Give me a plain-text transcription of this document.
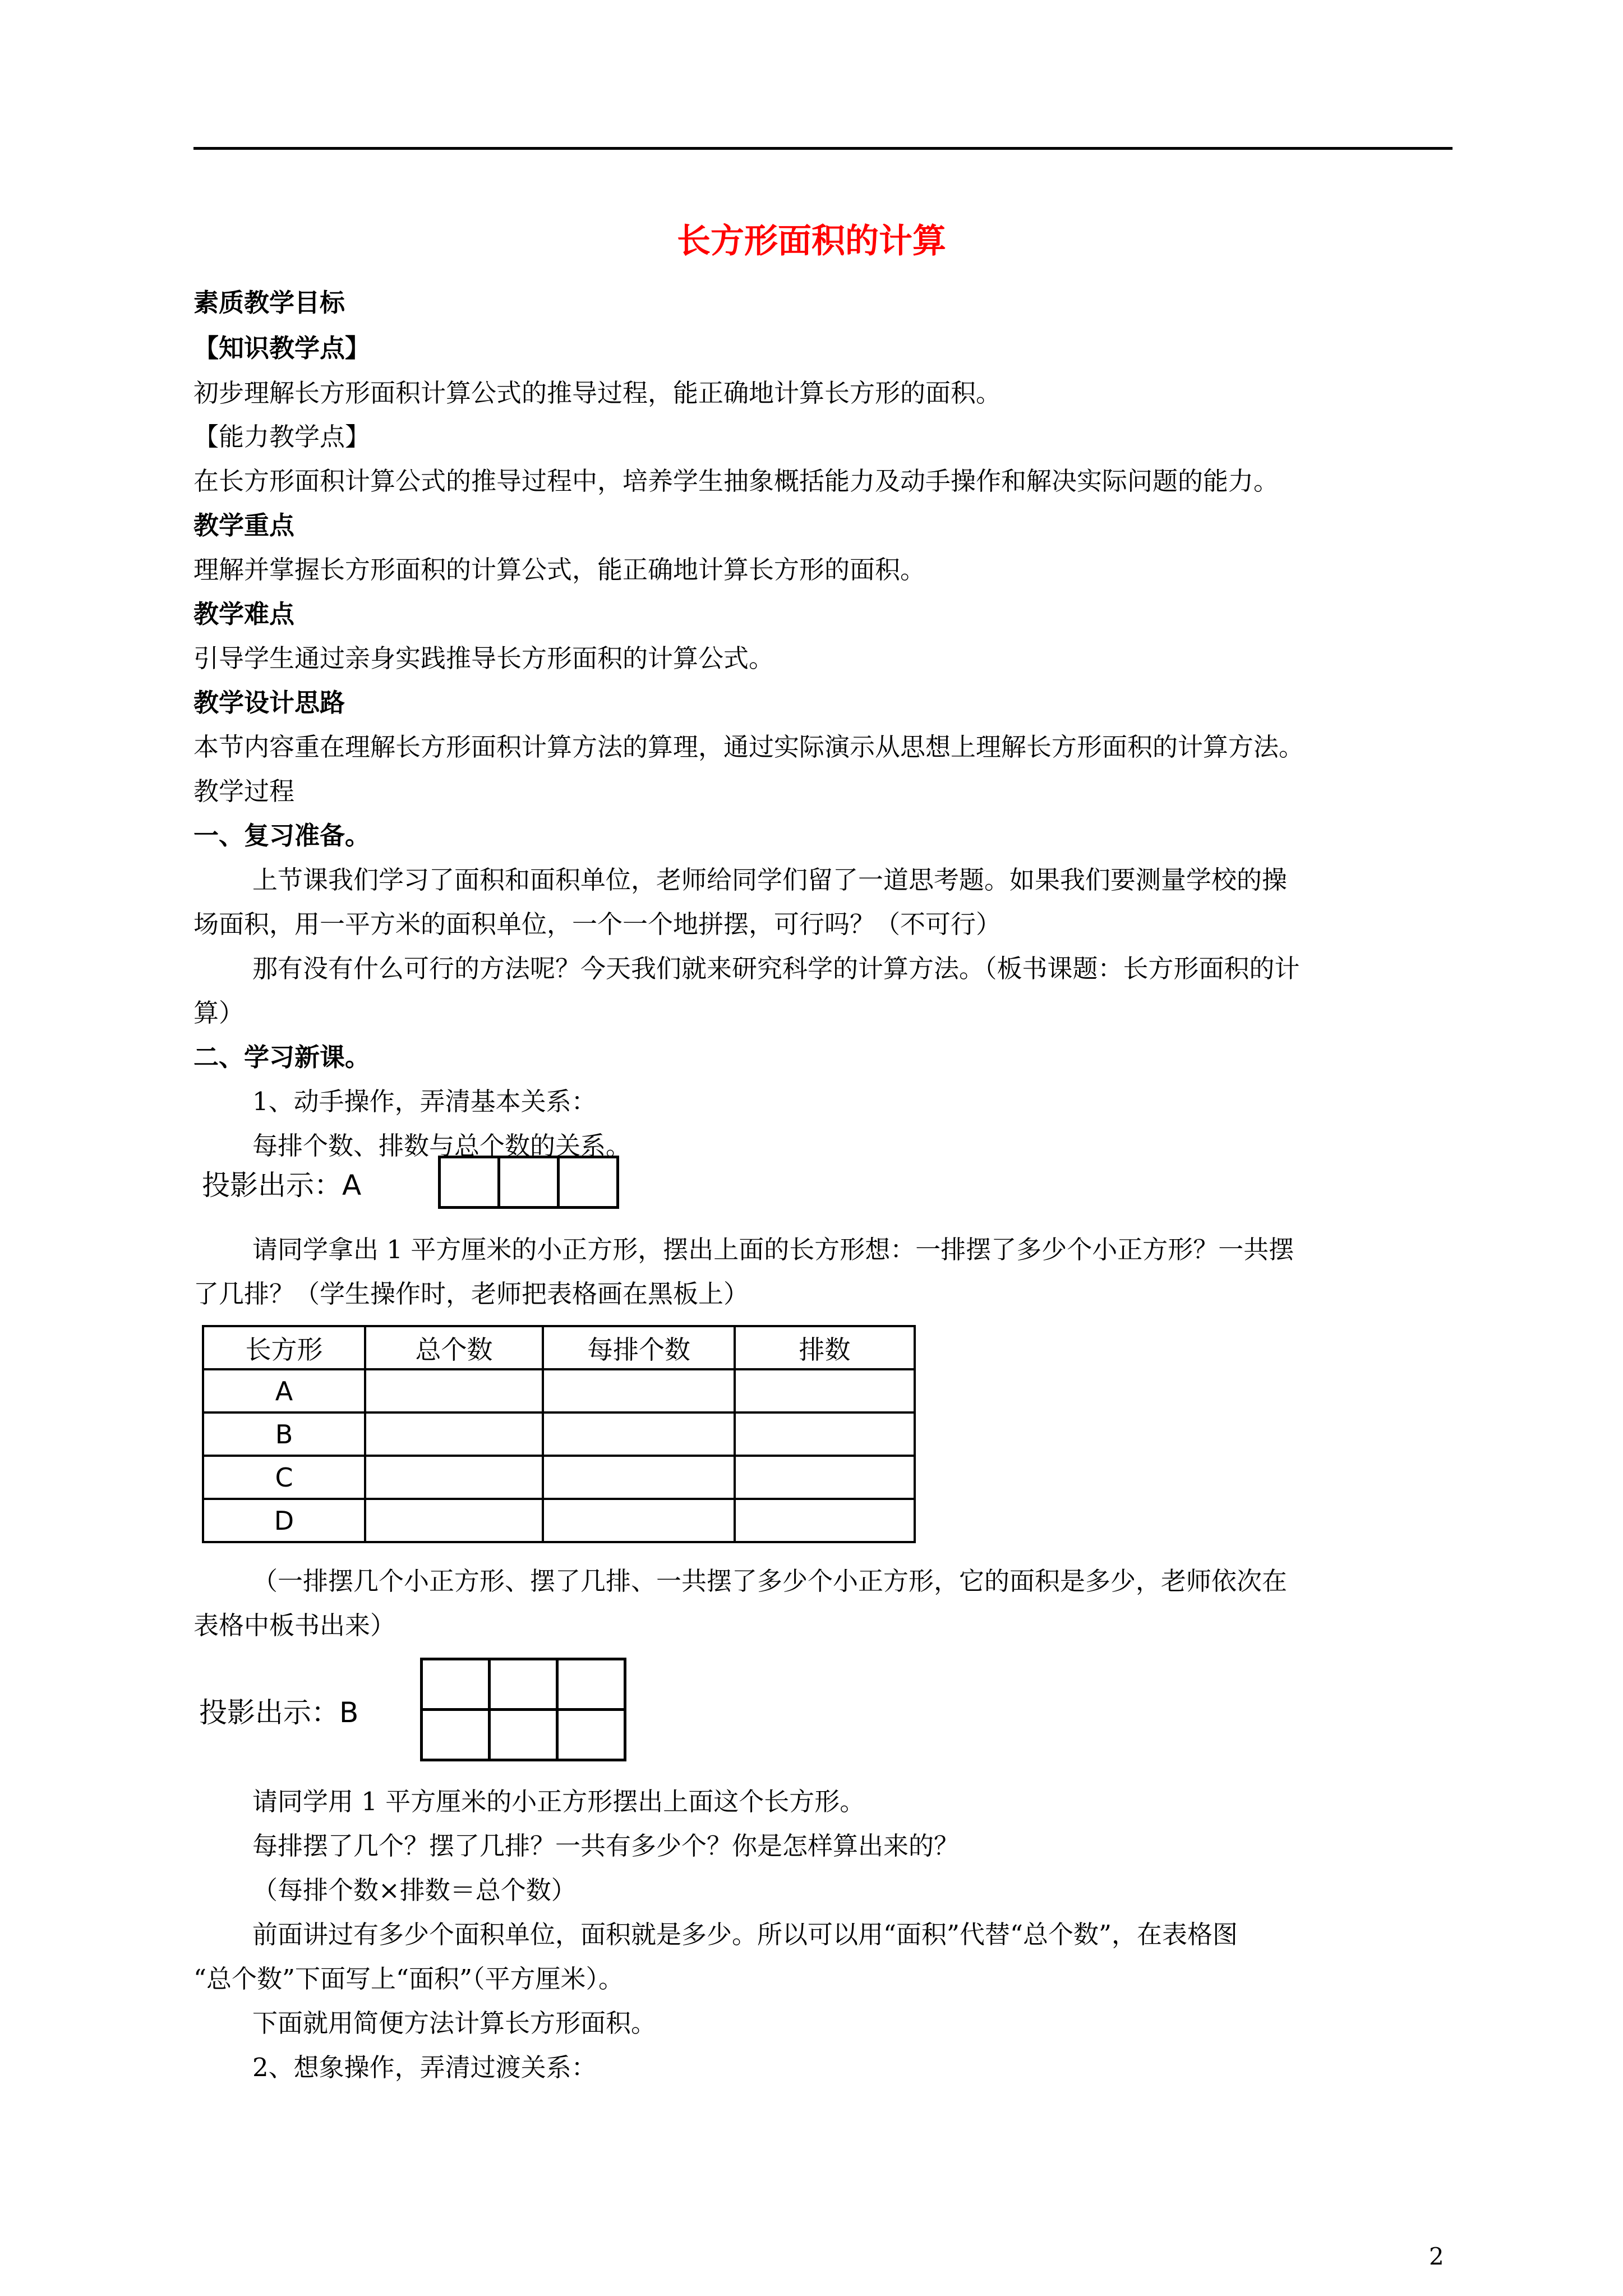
长方形面积的计算
素质教学目标
【知识教学点】
初步理解长方形面积计算公式的推导过程，能正确地计算长方形的面积。
【能力教学点】
在长方形面积计算公式的推导过程中，培养学生抽象概括能力及动手操作和解决实际问题的能力。
教学重点
理解并掌握长方形面积的计算公式，能正确地计算长方形的面积。
教学难点
引导学生通过亲身实践推导长方形面积的计算公式。
教学设计思路
本节内容重在理解长方形面积计算方法的算理，通过实际演示从思想上理解长方形面积的计算方法。
教学过程
一、复习准备。
上节课我们学习了面积和面积单位，老师给同学们留了一道思考题。如果我们要测量学校的操
场面积，用一平方米的面积单位，一个一个地拼摆，可行吗？（不可行）
那有没有什么可行的方法呢？今天我们就来研究科学的计算方法。（板书课题：长方形面积的计
算）
二、学习新课。
1、动手操作，弄清基本关系：
每排个数、排数与总个数的关系。
投影出示：A

请同学拿出 1 平方厘米的小正方形，摆出上面的长方形想：一排摆了多少个小正方形？一共摆
了几排？（学生操作时，老师把表格画在黑板上）
长方形	总个数	每排个数	排数
A			
B			
C			
D			
（一排摆几个小正方形、摆了几排、一共摆了多少个小正方形，它的面积是多少，老师依次在
表格中板书出来）
投影出示：B

请同学用 1 平方厘米的小正方形摆出上面这个长方形。
每排摆了几个？摆了几排？一共有多少个？你是怎样算出来的？
（每排个数×排数＝总个数）
前面讲过有多少个面积单位，面积就是多少。所以可以用“面积”代替“总个数”，在表格图
“总个数”下面写上“面积”（平方厘米）。
下面就用简便方法计算长方形面积。
2、想象操作，弄清过渡关系：
2
